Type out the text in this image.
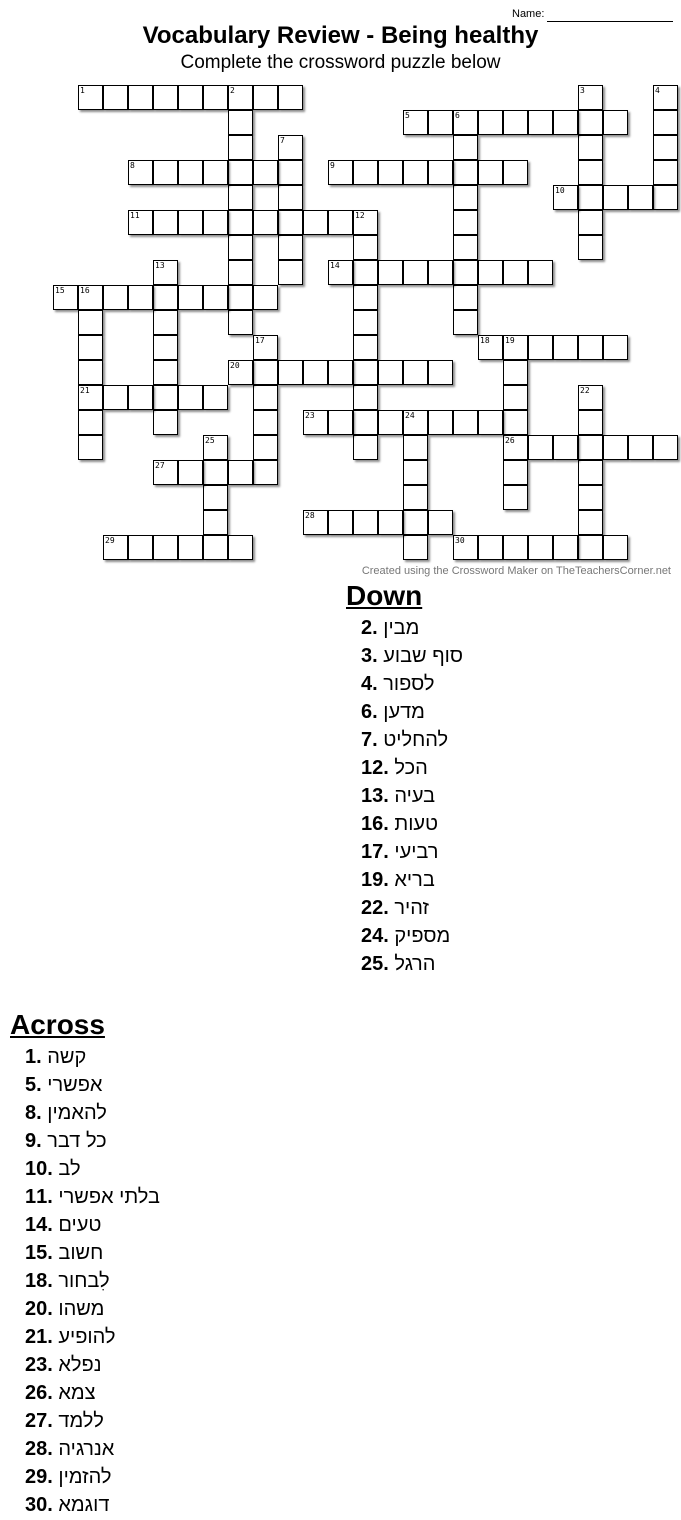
Name:
Vocabulary Review - Being healthy
Complete the crossword puzzle below
1	2	3	4
5	6
7
8	9
10
11	12
13	14
15 16
17	18 19
20
21	22
23	24
25	26
27
28
29	30
Created using the Crossword Maker on TheTeachersCorner.net
Down
2. מבין
3. סוף שבוע
4. לספור
6. מדען
7. להחליט
12. הכל
13. בעיה
16. טעות
17. רביעי
19. בריא
22. זהיר
24. מספיק
25. הרגל
Across
1. קשה
5. אפשרי
8. להאמין
9. כל דבר
10. לב
11. בלתי אפשרי
14. טעים
15. חשוב
18. לִבחור
20. משהו
21. להופיע
23. נפלא
26. צמא
27. ללמד
28. אנרגיה
29. להזמין
30. דוגמא
